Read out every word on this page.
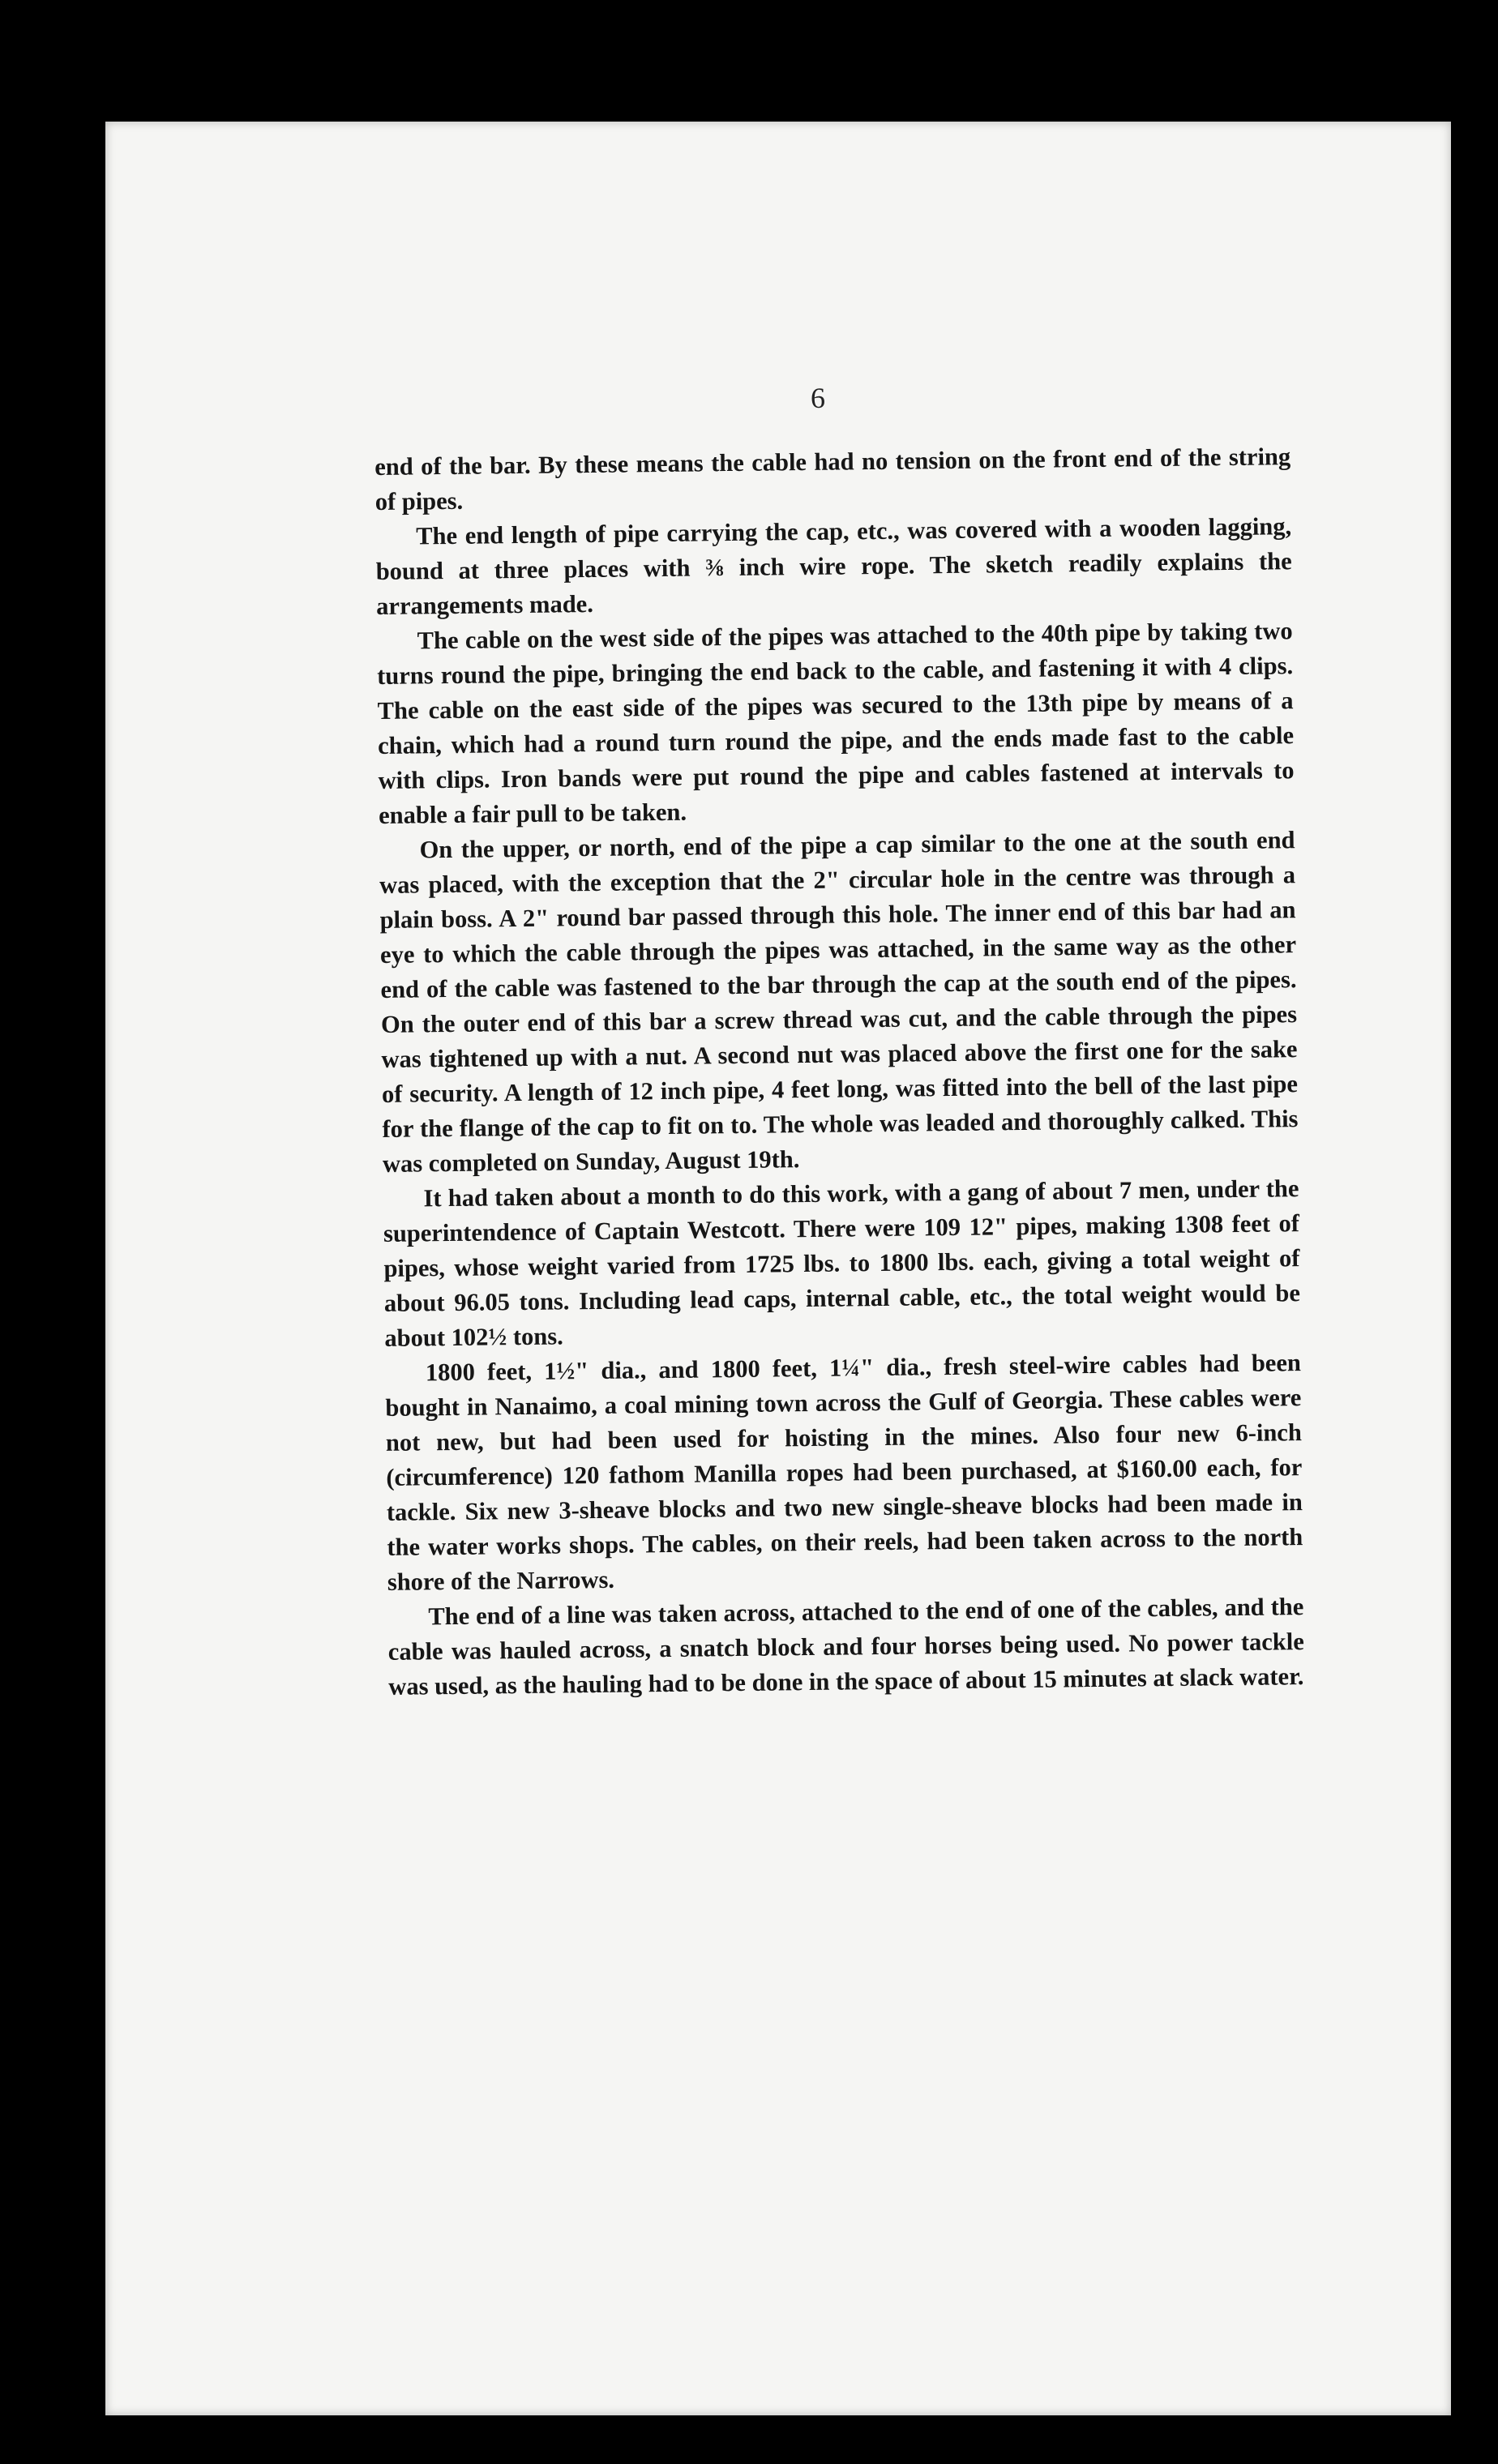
6

end of the bar. By these means the cable had no tension on the front end of the string of pipes.

The end length of pipe carrying the cap, etc., was covered with a wooden lagging, bound at three places with ⅜ inch wire rope. The sketch readily explains the arrangements made.

The cable on the west side of the pipes was attached to the 40th pipe by taking two turns round the pipe, bringing the end back to the cable, and fastening it with 4 clips. The cable on the east side of the pipes was secured to the 13th pipe by means of a chain, which had a round turn round the pipe, and the ends made fast to the cable with clips. Iron bands were put round the pipe and cables fastened at intervals to enable a fair pull to be taken.

On the upper, or north, end of the pipe a cap similar to the one at the south end was placed, with the exception that the 2" circular hole in the centre was through a plain boss. A 2" round bar passed through this hole. The inner end of this bar had an eye to which the cable through the pipes was attached, in the same way as the other end of the cable was fastened to the bar through the cap at the south end of the pipes. On the outer end of this bar a screw thread was cut, and the cable through the pipes was tightened up with a nut. A second nut was placed above the first one for the sake of security. A length of 12 inch pipe, 4 feet long, was fitted into the bell of the last pipe for the flange of the cap to fit on to. The whole was leaded and thoroughly calked. This was completed on Sunday, August 19th.

It had taken about a month to do this work, with a gang of about 7 men, under the superintendence of Captain Westcott. There were 109 12" pipes, making 1308 feet of pipes, whose weight varied from 1725 lbs. to 1800 lbs. each, giving a total weight of about 96.05 tons. Including lead caps, internal cable, etc., the total weight would be about 102½ tons.

1800 feet, 1½" dia., and 1800 feet, 1¼" dia., fresh steel-wire cables had been bought in Nanaimo, a coal mining town across the Gulf of Georgia. These cables were not new, but had been used for hoisting in the mines. Also four new 6-inch (circumference) 120 fathom Manilla ropes had been purchased, at $160.00 each, for tackle. Six new 3-sheave blocks and two new single-sheave blocks had been made in the water works shops. The cables, on their reels, had been taken across to the north shore of the Narrows.

The end of a line was taken across, attached to the end of one of the cables, and the cable was hauled across, a snatch block and four horses being used. No power tackle was used, as the hauling had to be done in the space of about 15 minutes at slack water.
